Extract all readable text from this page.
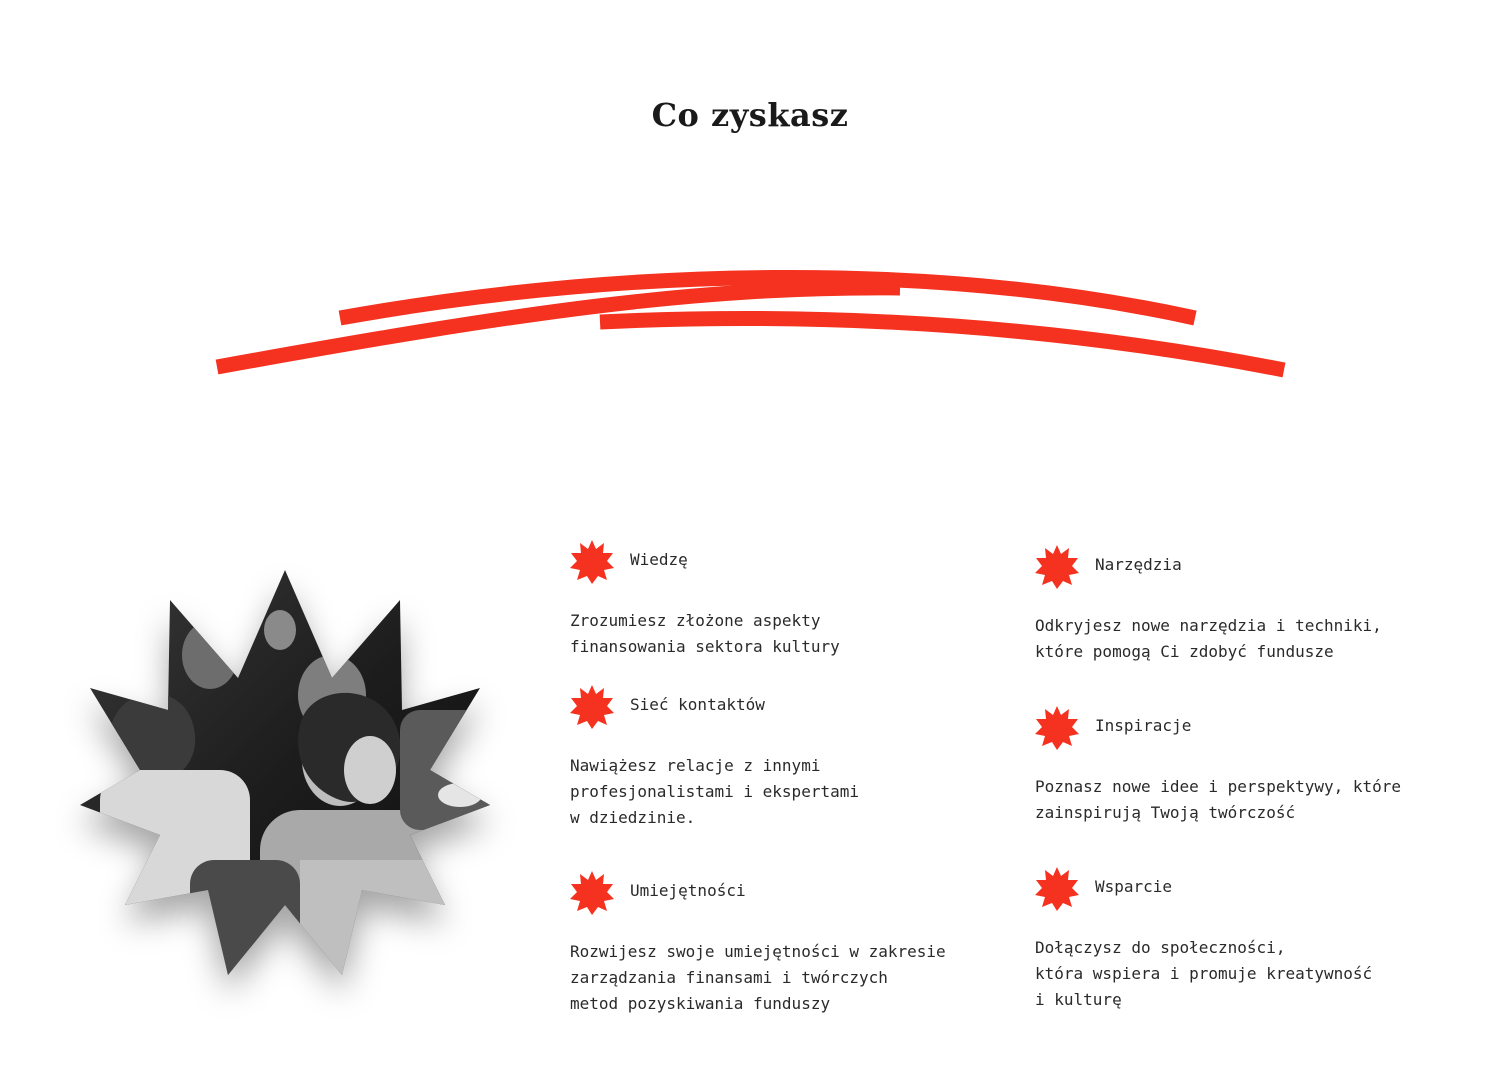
Co zyskasz
Wiedzę

Zrozumiesz złożone aspekty
finansowania sektora kultury

Sieć kontaktów

Nawiążesz relacje z innymi
profesjonalistami i ekspertami
w dziedzinie.

Umiejętności

Rozwijesz swoje umiejętności w zakresie
zarządzania finansami i twórczych
metod pozyskiwania funduszy

Narzędzia

Odkryjesz nowe narzędzia i techniki,
które pomogą Ci zdobyć fundusze

Inspiracje

Poznasz nowe idee i perspektywy, które
zainspirują Twoją twórczość

Wsparcie

Dołączysz do społeczności,
która wspiera i promuje kreatywność
i kulturę
